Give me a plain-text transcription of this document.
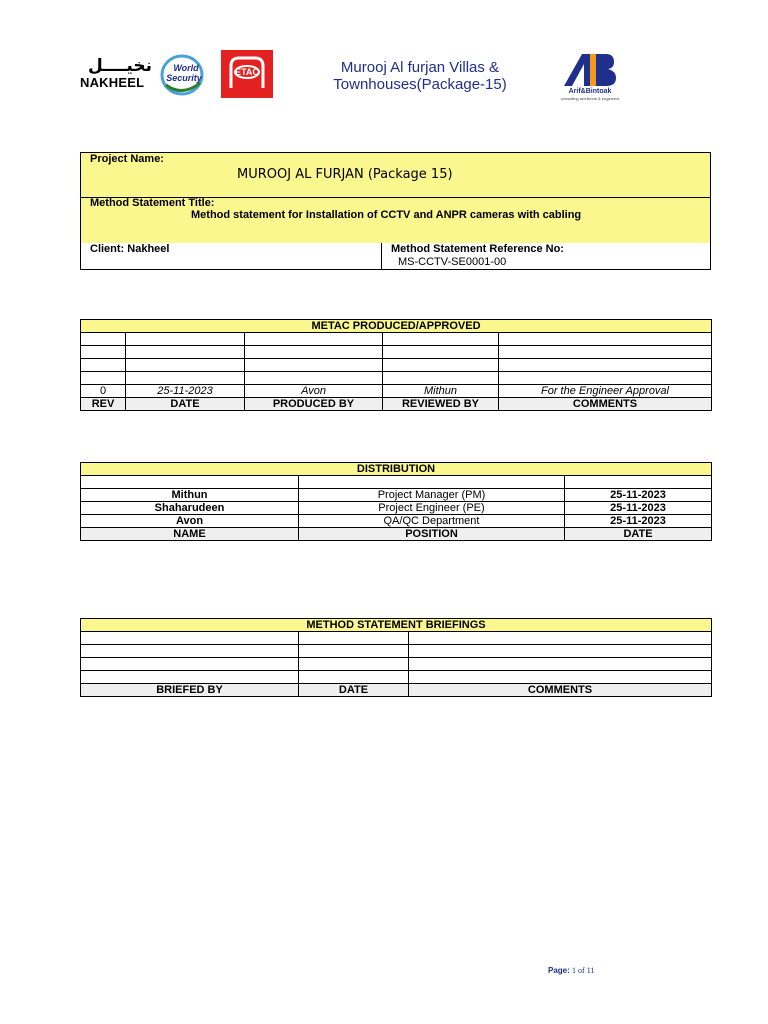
نخيــــل
NAKHEEL
World
Security
ETAC	Murooj Al furjan Villas &
Townhouses(Package-15)	Arif&Bintoak
consulting architects & engineers
Project Name:
MUROOJ AL FURJAN (Package 15)
Method Statement Title:
Method statement for Installation of CCTV and ANPR cameras with cabling
Client: Nakheel	Method Statement Reference No:
MS-CCTV-SE0001-00
METAC PRODUCED/APPROVED				

0	25-11-2023	Avon	Mithun	For the Engineer Approval
REV	DATE	PRODUCED BY	REVIEWED BY	COMMENTS
DISTRIBUTION		

Mithun	Project Manager (PM)	25-11-2023
Shaharudeen	Project Engineer (PE)	25-11-2023
Avon	QA/QC Department	25-11-2023
NAME	POSITION	DATE
METHOD STATEMENT BRIEFINGS		

BRIEFED BY	DATE	COMMENTS
Page: 1 of 11
